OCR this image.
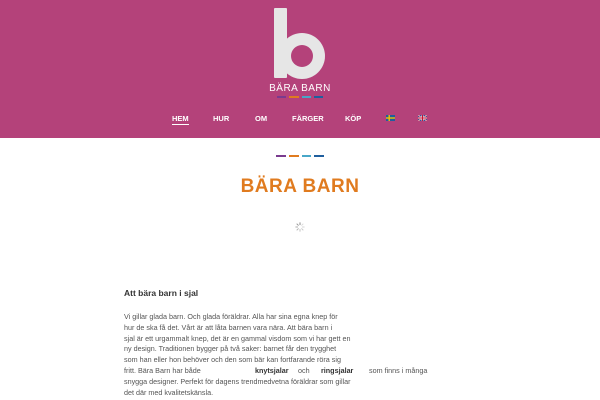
BÄRA BARN
HEM	HUR	OM	FÄRGER	KÖP
BÄRA BARN
Att bära barn i sjal
Vi gillar glada barn. Och glada föräldrar. Alla har sina egna knep för
hur de ska få det. Vårt är att låta barnen vara nära. Att bära barn i
sjal är ett urgammalt knep, det är en gammal visdom som vi har gett en
ny design. Traditionen bygger på två saker: barnet får den trygghet
som han eller hon behöver och den som bär kan fortfarande röra sig
fritt. Bära Barn har både	knytsjalar och ringsjalar som finns i många
snygga designer. Perfekt för dagens trendmedvetna föräldrar som gillar
det där med kvalitetskänsla.
